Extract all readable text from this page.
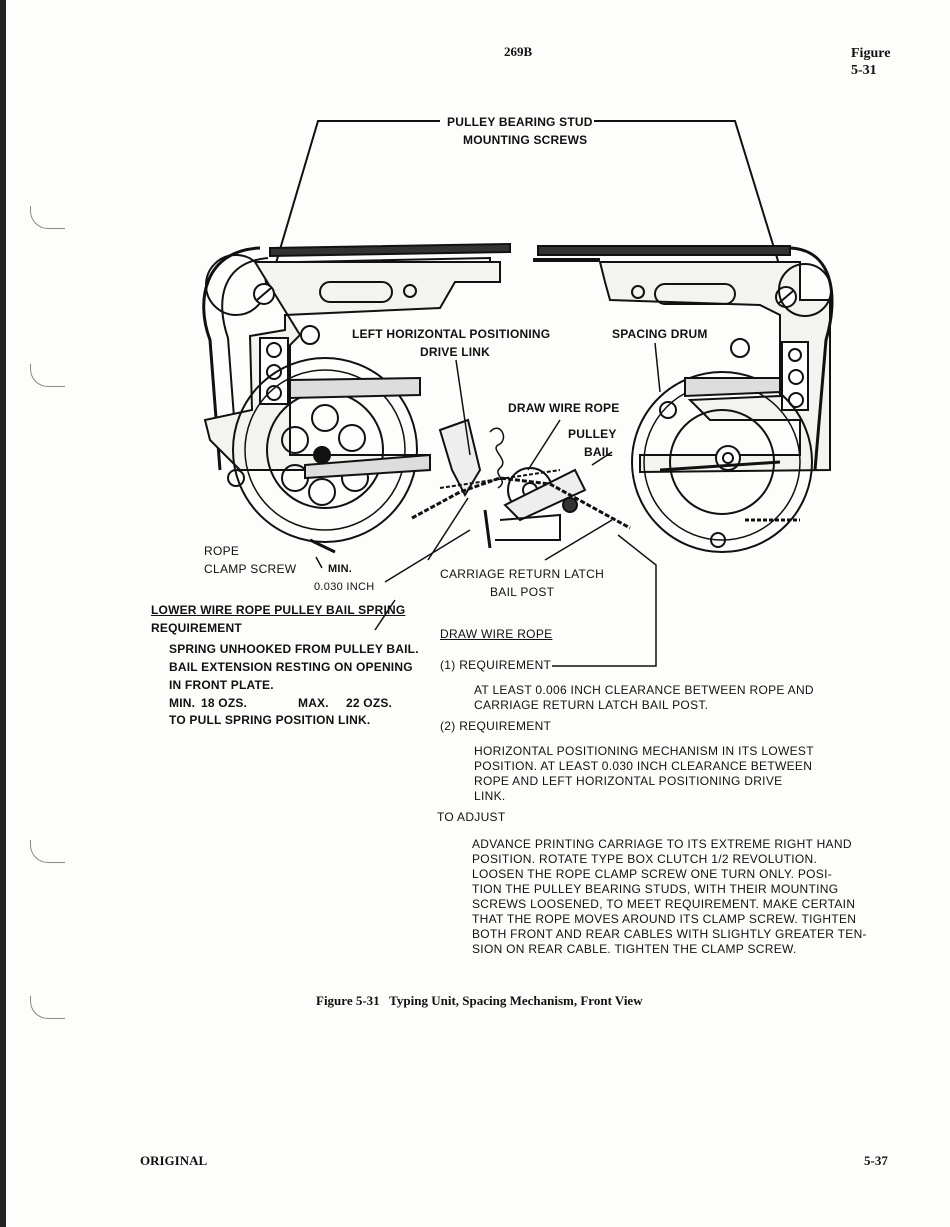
269B	Figure
5-31
PULLEY BEARING STUD
MOUNTING SCREWS
LEFT HORIZONTAL POSITIONING
DRIVE LINK
SPACING DRUM
DRAW WIRE ROPE
PULLEY
BAIL
ROPE
CLAMP SCREW	MIN.
0.030 INCH
CARRIAGE RETURN LATCH
BAIL POST
LOWER WIRE ROPE PULLEY BAIL SPRING
REQUIREMENT
SPRING UNHOOKED FROM PULLEY BAIL.
BAIL EXTENSION RESTING ON OPENING
IN FRONT PLATE.
MIN. 18 OZS.	MAX. 22 OZS.
TO PULL SPRING POSITION LINK.
DRAW WIRE ROPE
(1) REQUIREMENT
AT LEAST 0.006 INCH CLEARANCE BETWEEN ROPE AND
CARRIAGE RETURN LATCH BAIL POST.
(2) REQUIREMENT
HORIZONTAL POSITIONING MECHANISM IN ITS LOWEST
POSITION. AT LEAST 0.030 INCH CLEARANCE BETWEEN
ROPE AND LEFT HORIZONTAL POSITIONING DRIVE
LINK.
TO ADJUST
ADVANCE PRINTING CARRIAGE TO ITS EXTREME RIGHT HAND
POSITION. ROTATE TYPE BOX CLUTCH 1/2 REVOLUTION.
LOOSEN THE ROPE CLAMP SCREW ONE TURN ONLY. POSI-
TION THE PULLEY BEARING STUDS, WITH THEIR MOUNTING
SCREWS LOOSENED, TO MEET REQUIREMENT. MAKE CERTAIN
THAT THE ROPE MOVES AROUND ITS CLAMP SCREW. TIGHTEN
BOTH FRONT AND REAR CABLES WITH SLIGHTLY GREATER TEN-
SION ON REAR CABLE. TIGHTEN THE CLAMP SCREW.
Figure 5-31   Typing Unit, Spacing Mechanism, Front View
ORIGINAL	5-37
